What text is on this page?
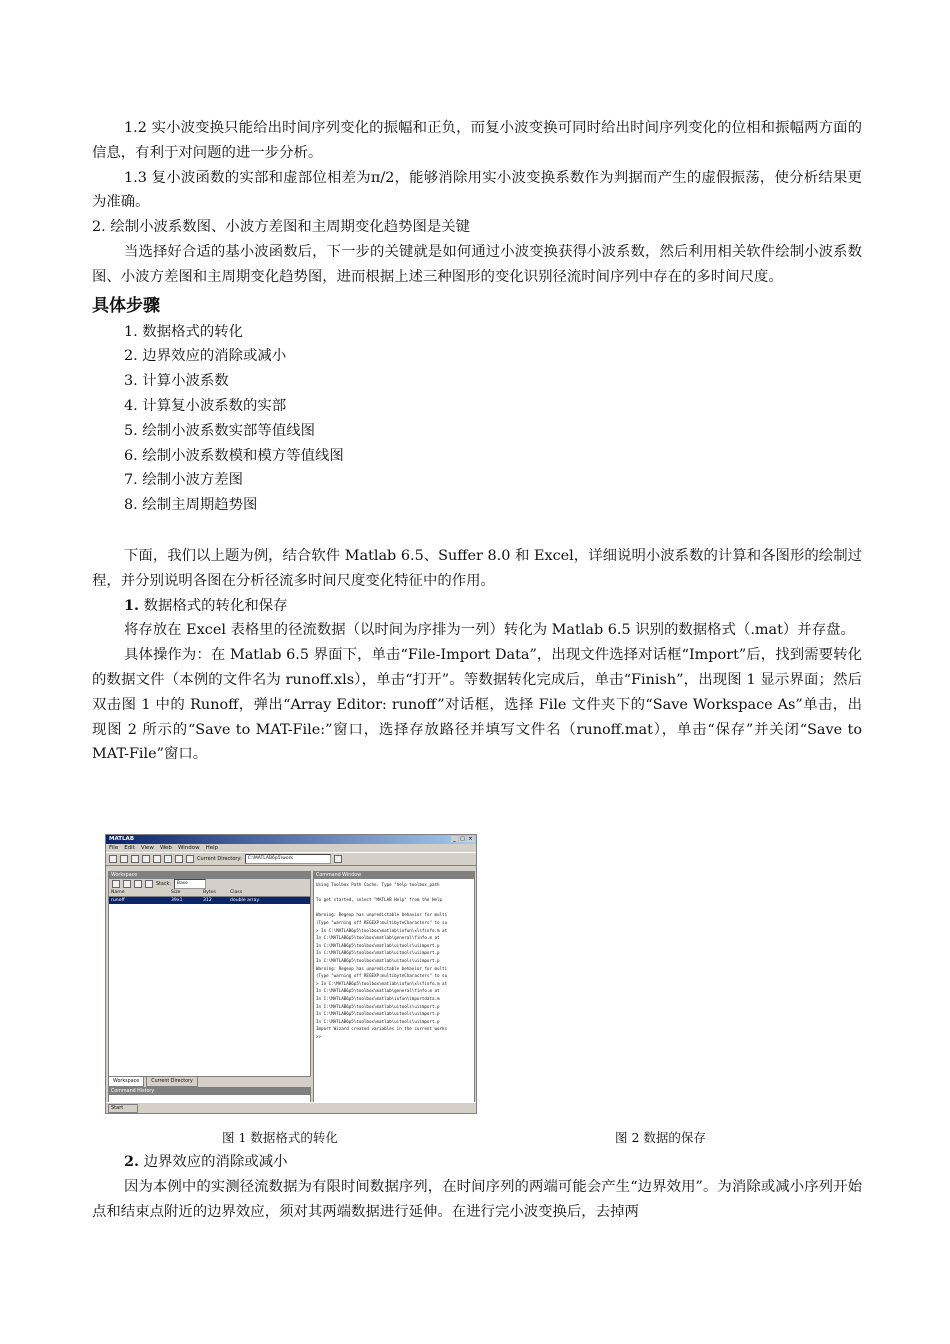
1.2 实小波变换只能给出时间序列变化的振幅和正负，而复小波变换可同时给出时间序列变化的位相和振幅两方面的信息，有利于对问题的进一步分析。

1.3 复小波函数的实部和虚部位相差为π/2，能够消除用实小波变换系数作为判据而产生的虚假振荡，使分析结果更为准确。

2. 绘制小波系数图、小波方差图和主周期变化趋势图是关键

当选择好合适的基小波函数后，下一步的关键就是如何通过小波变换获得小波系数，然后利用相关软件绘制小波系数图、小波方差图和主周期变化趋势图，进而根据上述三种图形的变化识别径流时间序列中存在的多时间尺度。

具体步骤
1. 数据格式的转化
2. 边界效应的消除或减小
3. 计算小波系数
4. 计算复小波系数的实部
5. 绘制小波系数实部等值线图
6. 绘制小波系数模和模方等值线图
7. 绘制小波方差图
8. 绘制主周期趋势图

下面，我们以上题为例，结合软件 Matlab 6.5、Suffer 8.0 和 Excel，详细说明小波系数的计算和各图形的绘制过程，并分别说明各图在分析径流多时间尺度变化特征中的作用。

1. 数据格式的转化和保存

将存放在 Excel 表格里的径流数据（以时间为序排为一列）转化为 Matlab 6.5 识别的数据格式（.mat）并存盘。

具体操作为：在 Matlab 6.5 界面下，单击“File-Import Data”，出现文件选择对话框“Import”后，找到需要转化的数据文件（本例的文件名为 runoff.xls），单击“打开”。等数据转化完成后，单击“Finish”，出现图 1 显示界面；然后双击图 1 中的 Runoff，弹出“Array Editor: runoff”对话框，选择 File 文件夹下的“Save Workspace As”单击，出现图 2 所示的“Save to MAT-File:”窗口，选择存放路径并填写文件名（runoff.mat），单击“保存”并关闭“Save to MAT-File”窗口。

MATLAB	_ □ ×
File Edit View Web Window Help
Current Directory:	C:\MATLAB6p5\work
Workspace
Stack:	Base
Name	Size	Bytes	Class
runoff	39x1	312	double array
Workspace	Current Directory
Command History
Command Window
Using Toolbox Path Cache. Type "help toolbox_path

To get started, select "MATLAB Help" from the Help

Warning: Regexp has unpredictable behavior for multi
(Type "warning off REGEXP:multibyteCharacters" to su
> In C:\MATLAB6p5\toolbox\matlab\iofun\xlsfinfo.m at
In C:\MATLAB6p5\toolbox\matlab\general\finfo.m at
In C:\MATLAB6p5\toolbox\matlab\uitools\uiimport.p
In C:\MATLAB6p5\toolbox\matlab\uitools\uiimport.p
In C:\MATLAB6p5\toolbox\matlab\uitools\uiimport.p
Warning: Regexp has unpredictable behavior for multi
(Type "warning off REGEXP:multibyteCharacters" to su
> In C:\MATLAB6p5\toolbox\matlab\iofun\xlsfinfo.m at
In C:\MATLAB6p5\toolbox\matlab\general\finfo.m at
In C:\MATLAB6p5\toolbox\matlab\iofun\importdata.m
In C:\MATLAB6p5\toolbox\matlab\uitools\uiimport.p
In C:\MATLAB6p5\toolbox\matlab\uitools\uiimport.p
In C:\MATLAB6p5\toolbox\matlab\uitools\uiimport.p
Import Wizard created variables in the current works
>>
Start
图 1 数据格式的转化	图 2 数据的保存

2. 边界效应的消除或减小

因为本例中的实测径流数据为有限时间数据序列，在时间序列的两端可能会产生“边界效用”。为消除或减小序列开始点和结束点附近的边界效应，须对其两端数据进行延伸。在进行完小波变换后，去掉两
